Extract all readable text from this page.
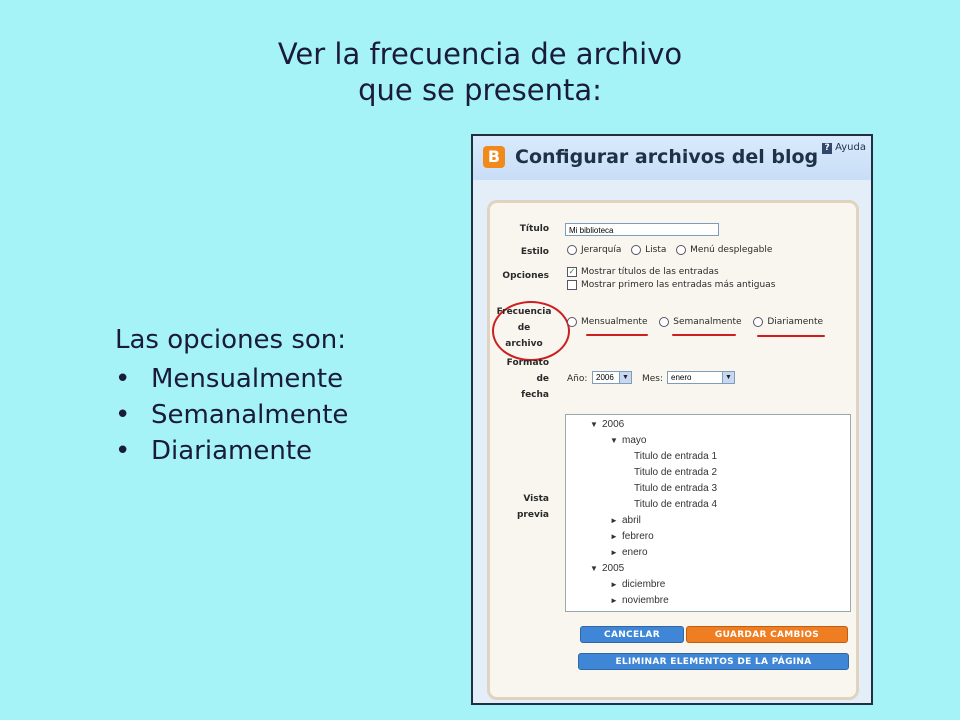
Ver la frecuencia de archivo
que se presenta:
Las opciones son:
• Mensualmente
• Semanalmente
• Diariamente
B Configurar archivos del blog ? Ayuda
Título	Mi biblioteca
Estilo	Jerarquía	Lista	Menú desplegable
Opciones ✓ Mostrar títulos de las entradas
Mostrar primero las entradas más antiguas
Frecuencia
de
archivo
Mensualmente	Semanalmente	Diariamente
Formato
de
fecha
Año:	2006	▼ Mes: enero	▼
Vista
previa
▼ 2006
▼ mayo
Titulo de entrada 1
Titulo de entrada 2
Titulo de entrada 3
Titulo de entrada 4
► abril
► febrero
► enero
▼ 2005
► diciembre
► noviembre
CANCELAR	GUARDAR CAMBIOS
ELIMINAR ELEMENTOS DE LA PÁGINA
